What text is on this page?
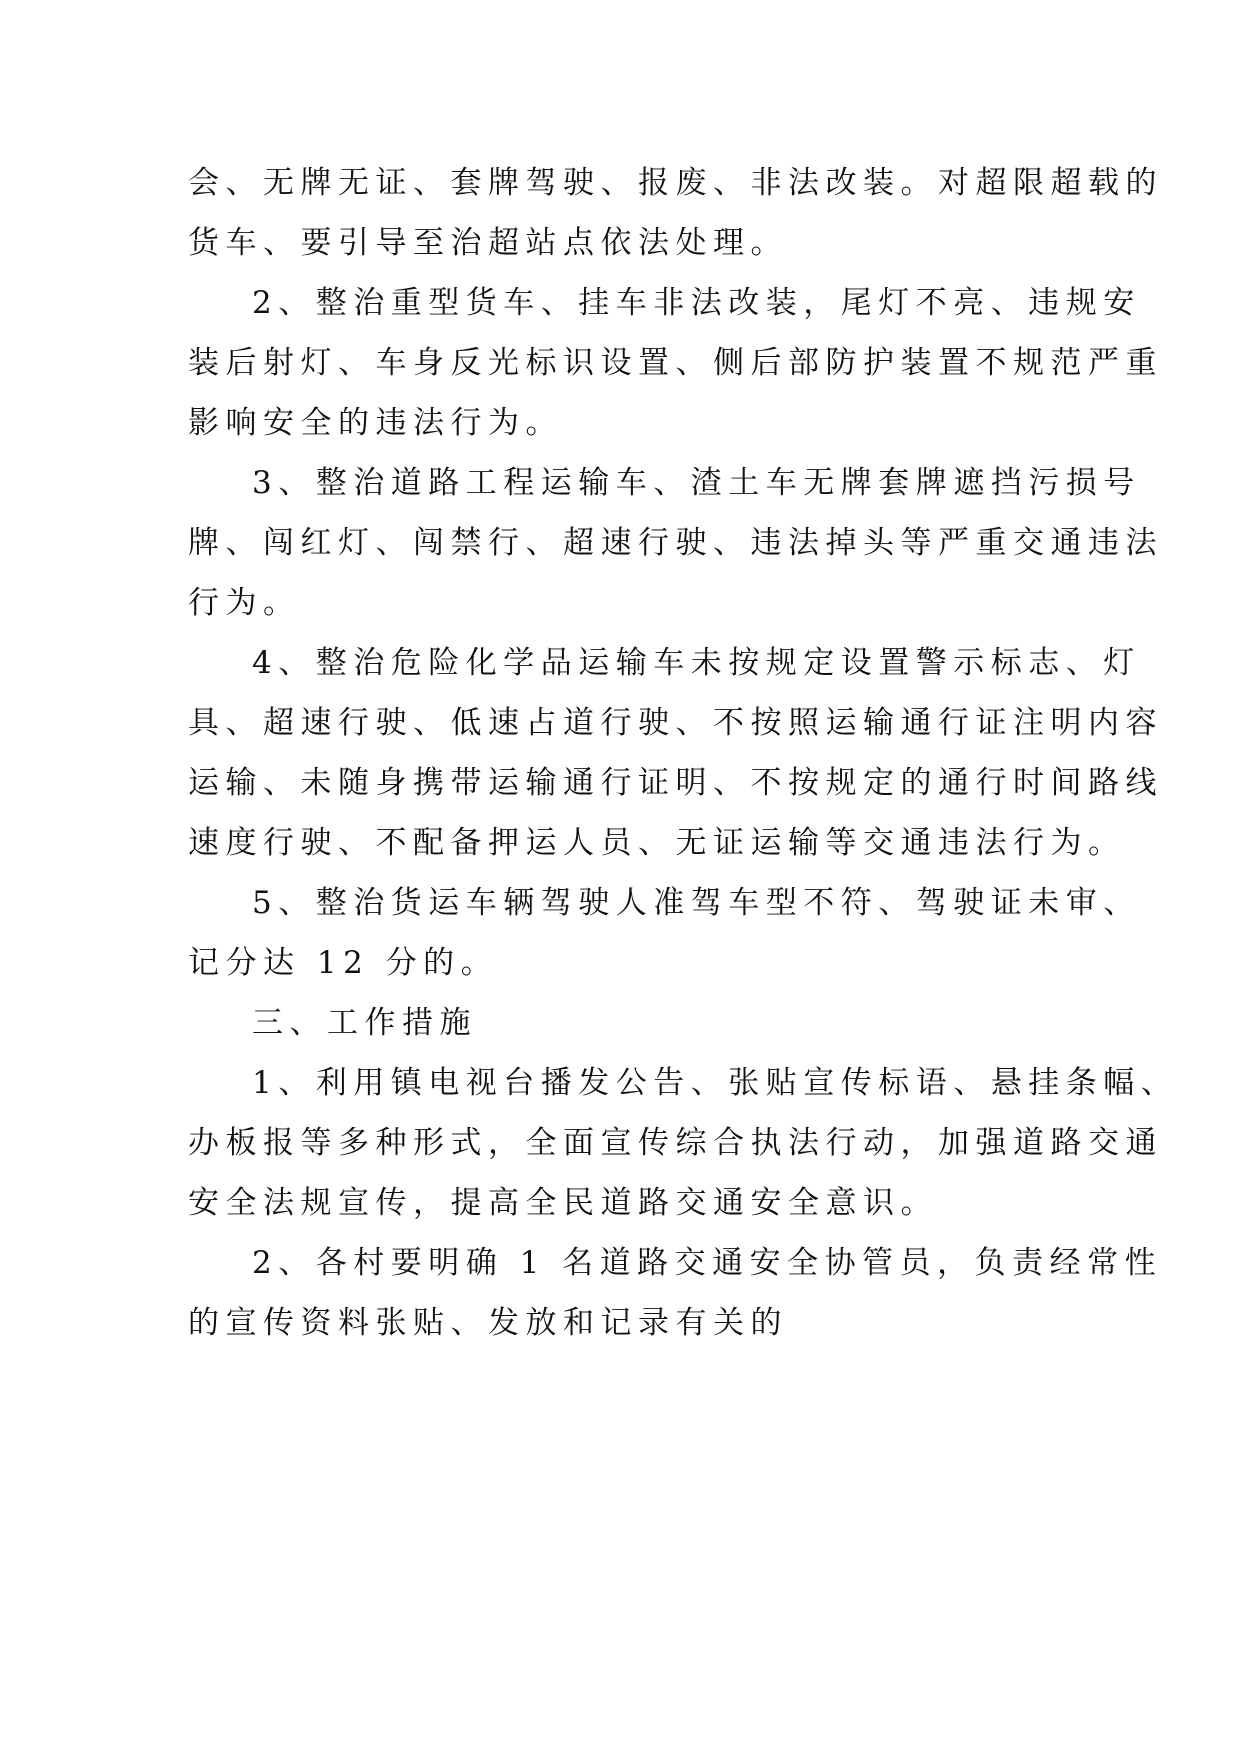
会、无牌无证、套牌驾驶、报废、非法改装。对超限超载的
货车、要引导至治超站点依法处理。
2、整治重型货车、挂车非法改装，尾灯不亮、违规安
装后射灯、车身反光标识设置、侧后部防护装置不规范严重
影响安全的违法行为。
3、整治道路工程运输车、渣土车无牌套牌遮挡污损号
牌、闯红灯、闯禁行、超速行驶、违法掉头等严重交通违法
行为。
4、整治危险化学品运输车未按规定设置警示标志、灯
具、超速行驶、低速占道行驶、不按照运输通行证注明内容
运输、未随身携带运输通行证明、不按规定的通行时间路线
速度行驶、不配备押运人员、无证运输等交通违法行为。
5、整治货运车辆驾驶人准驾车型不符、驾驶证未审、
记分达 12 分的。
三、工作措施
1、利用镇电视台播发公告、张贴宣传标语、悬挂条幅、
办板报等多种形式，全面宣传综合执法行动，加强道路交通
安全法规宣传，提高全民道路交通安全意识。
2、各村要明确 1 名道路交通安全协管员，负责经常性
的宣传资料张贴、发放和记录有关的
